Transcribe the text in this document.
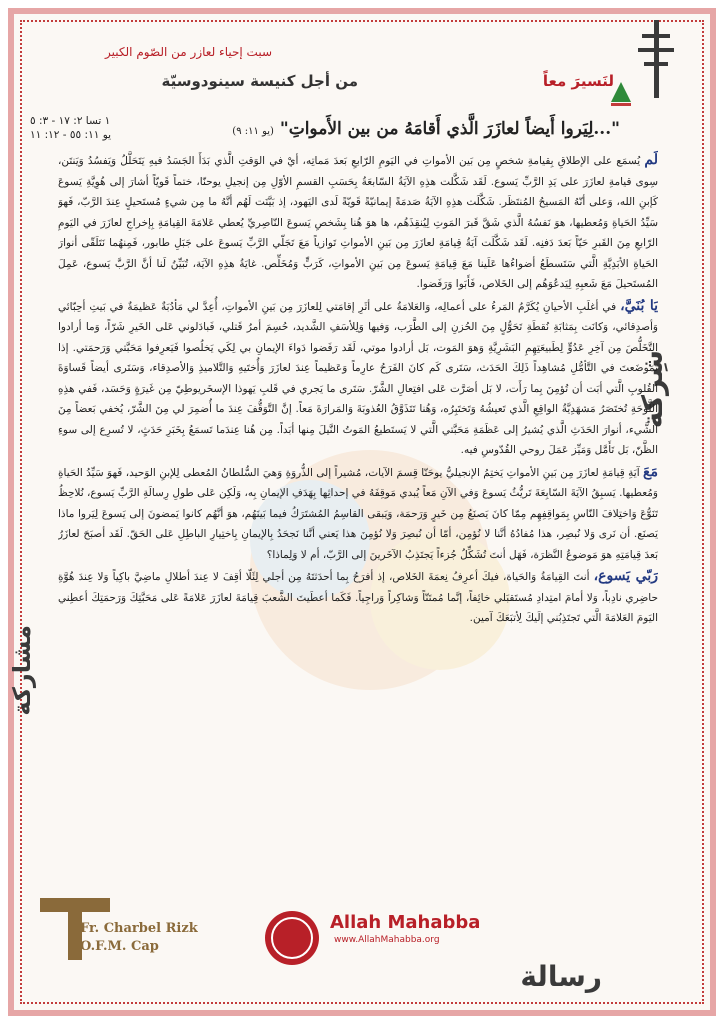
سبت إحياء لعازر من الصّوم الكبير
لنَسيرَ معاً
من أجل كنيسة سينودوسيّة
١ تسا ٢: ١٧ - ٣: ٥
يو ١١: ٥٥ - ١٢: ١١	"...لِيَروا أَيضاً لعازَرَ الَّذي أَقامَهُ من بين الأَمواتِ" (يو ١١: ٩)
شِركة
مشاركة
رسالة

لَم يُسمَع على الإطلاقِ بِقيامةِ شخصٍ مِن بَين الأمواتِ في اليَومِ الرّابعِ بَعدَ مَماتِه، أيْ في الوَقتِ الَّذي بَدَأَ الجَسَدُ فيهِ يَتَحَلَّلُ وَيَفسُدُ وَيَنتَن، سِوى قيامةِ لعازَرَ على يَدِ الرَّبِّ يَسوع. لَقَد شَكَّلت هذِهِ الآيَةُ السّابعَةُ بِحَسَبِ القسمِ الأوّلِ مِن إنجيلِ يوحنّا، ختماً قَويّاً أشارَ إلى هُوِيَّةِ يَسوعَ كَإبنِ الله، وَعلى أنّهُ المَسيحُ المُنتَظَر. شَكَّلَت هذِهِ الآيَةُ صَدمَةً إيمانيّةً قَويّةً لَدى اليَهود، إذ بَيَّنَت لَهُم أنَّهُ ما مِن شيءٍ مُستَحيلٍ عِندَ الرَّبّ، فَهوَ سَيِّدُ الحَياةِ وَمُعطيها، هوَ نَفسُهُ الَّذي شَقَّ قَبرَ المَوتِ لِيُنقِذَهُم، ها هوَ هُنا بِشَخصِ يَسوعَ النّاصِريِّ يُعطي عَلامَةَ القِيامَةِ بِإخراجِ لعازَرَ في اليَومِ الرّابعِ مِنَ القَبرِ حَيّاً بَعدَ دَفنِه. لَقَد شَكَّلَت آيَةُ قِيامَةِ لعازَرَ مِن بَينِ الأمواتِ تَوازياً مَعَ تَجَلّي الرَّبِّ يَسوعَ على جَبَلِ طابور، فَمِنهُما نَتَلَقّى أنوارَ الحَياةِ الأبَدِيَّةِ الَّتي سَتَسطَعُ أضواءُها عَلَينا مَعَ قِيامَةِ يَسوعَ مِن بَينِ الأمواتِ، كَرَبٍّ وَمُخَلِّص. غايَةُ هذِهِ الآيَة، تُبَيِّنُ لَنا أنَّ الرَّبَّ يَسوع، عَمِلَ المُستَحيلَ مَعَ شَعبِهِ لِيَدعُوَهُم إلى الخَلاص، فَأَبَوا وَرَفَضوا.

يَا بُنَيَّ، في أغلَبِ الأحيانِ يُكَرَّمُ المَرءُ على أعمالِه، وَالعَلامَةُ على أثَرِ إقامَتي لِلعازَرَ مِن بَينِ الأمواتِ، أُعِدَّ لي مَأدُبَةٌ عَظيمَةٌ في بَيتِ أحِبّائي وَأصدِقائي، وَكانَت بِمَثابَةِ نُقطَةِ تَحَوُّلٍ مِنَ الحُزنِ إلى الطَّرَب، وَفيها وَلِلأسَفِ الشَّديد، حُسِمَ أمرُ قَتلي، فَبادَلوني عَلى الخَيرِ شَرّاً، وَما أرادوا التَّخَلُّصَ مِن آخِرِ عَدُوٍّ لِطَبيعَتِهِمِ البَشَرِيَّةِ وَهوَ المَوت، بَل أرادوا موتي، لَقَد رَفَضوا دَواءَ الإيمانِ بي لِكَي يَخلُصوا فَيَعرِفوا مَحَبَّتي وَرَحمَتي. إذا تَمَوضَعتَ في التَّأمُّلِ مُشاهِداً ذَلِكَ الحَدَث، سَتَرى كَم كانَ الفَرَحُ عارِماً وَعَظيماً عِندَ لعازَرَ وَأُختَيهِ وَالتَّلاميذِ وَالأصدِقاء، وَسَتَرى أيضاً قَساوَةَ القُلوبِ الَّتي أبَت أن تُؤمِنَ بِما رَأَت، لا بَل أصَرَّت عَلى افتِعالِ الشَّرّ. سَتَرى ما يَجري في قَلبِ يَهوذا الإسخَريوطِيّ مِن غَيرَةٍ وَحَسَد، فَفي هذِهِ اللَّوحَةِ تُختَصَرُ مَشهَدِيَّةُ الواقِعِ الَّذي تَعيشُهُ وَتَختَبِرُه، وَهُنا تَتَذَوَّقُ العُذوبَةَ وَالمَرارَةَ مَعاً. إنَّ التَّوَقُّفَ عِندَ ما أُضمِرَ لي مِنَ الشَّرّ، يُخفي بَعضاً مِنَ الشَّيء، أنوارَ الحَدَثِ الَّذي يُشيرُ إلى عَظَمَةِ مَحَبَّتي الَّتي لا يَستَطيعُ المَوتُ النَّيلَ مِنها أبَداً. مِن هُنا عِندَما تَسمَعُ بِخَبَرِ حَدَثٍ، لا تُسرِع إلى سوءِ الظَّنّ، بَل تَأَمَّل وَمَيِّز عَمَلَ روحي القُدّوسِ فيه.

مَعَ آيَةِ قِيامَةِ لعازَرَ مِن بَينِ الأمواتِ يَختِمُ الإنجيليُّ يوحَنّا قِسمَ الآيات، مُشيراً إلى الذُّروَةِ وَهيَ السُّلطانُ المُعطى لِلإبنِ الوَحيد، فَهوَ سَيِّدُ الحَياةِ وَمُعطيها. يَسبِقُ الآيَةَ السّابِعَةَ تَريُّثُ يَسوعَ وَفي الآنِ مَعاً يُبدي مَوقِفَهُ في إحداثِها بِهَدَفِ الإيمانِ بِه، وَلَكِن عَلى طولِ رِسالَةِ الرَّبِّ يَسوع، نُلاحِظُ تَنَوُّعَ وَاختِلافَ النّاسِ بِمَواقِفِهِم مِمّا كانَ يَصنَعُ مِن خَيرٍ وَرَحمَة، وَيَبقى القاسِمُ المُشتَرَكُ فيما بَينَهُم، هوَ أنَّهُم كانوا يَمضونَ إلى يَسوعَ لِيَروا ماذا يَصنَع. أن نَرى وَلا نُبصِر، هذا مُفادُهُ أنَّنا لا نُؤمِن، أمّا أن نُبصِرَ وَلا نُؤمِنَ هذا يَعني أنَّنا نَجحَدُ بِالإيمانِ بِاختِيارِ الباطِلِ عَلى الحَقّ. لَقَد أصبَحَ لعازَرُ بَعدَ قِيامَتِهِ هوَ مَوضوعُ النَّظرَة، فَهَل أنتَ تُشَكِّلُ جُزءاً يَجتَذِبُ الآخَرينَ إلى الرَّبّ، أم لا وَلِماذا؟

رَبّي يَسوع، أنتَ القِيامَةُ وَالحَياة، فيكَ أعرِفُ نِعمَةَ الخَلاص، إذ أفرَحُ بِما أحدَثتَهُ مِن أجلي لِئَلّا أقِفَ لا عِندَ أطلالِ ماضِيَّ باكِياً وَلا عِندَ هُوَّةِ حاضِري نادِباً، وَلا أمامَ امتِدادِ مُستَقبَلي خائِفاً، إنَّما مُمتَنّاً وَشاكِراً وَراجِياً. فَكَما أعطَيتَ الشَّعبَ قِيامَةَ لعازَرَ عَلامَةً عَلى مَحَبَّتِكَ وَرَحمَتِكَ أعطِني اليَومَ العَلامَةَ الَّتي تَجتَذِبُني إلَيكَ لِأتبَعَكَ آمين.

Fr. Charbel Rizk
O.F.M. Cap
Allah Mahabba
www.AllahMahabba.org
